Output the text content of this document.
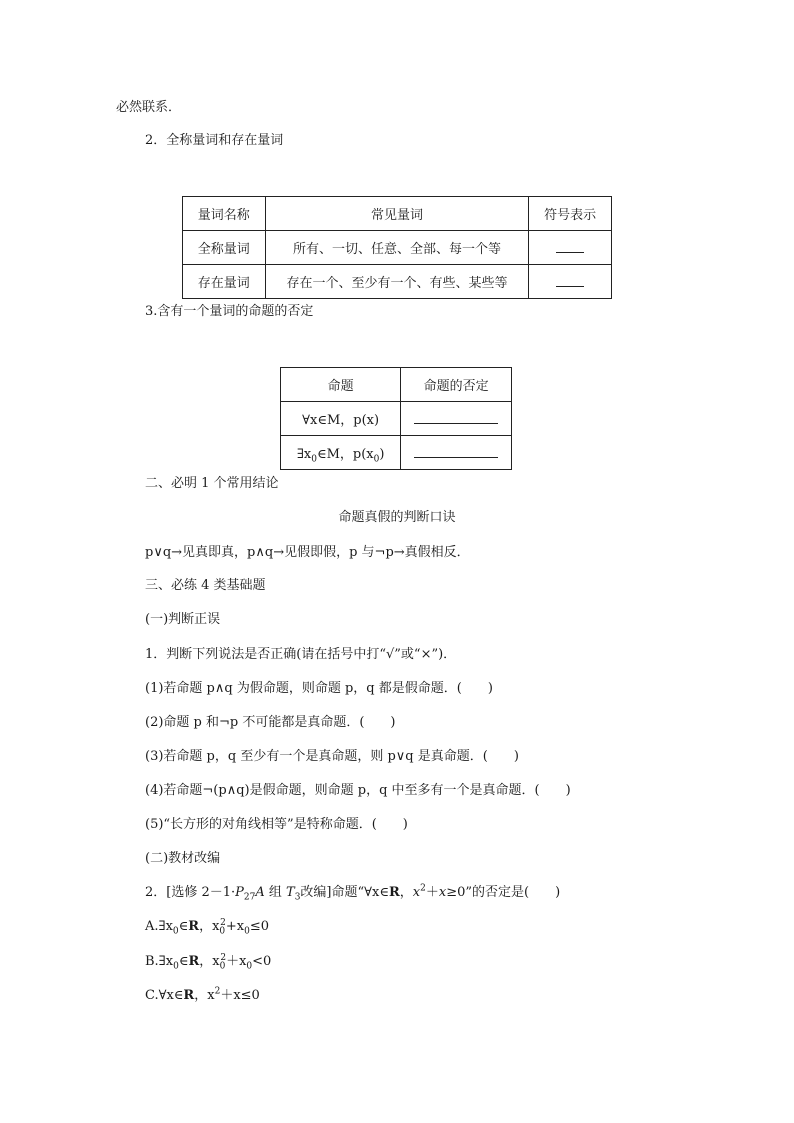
必然联系．
2．全称量词和存在量词
量词名称	常见量词	符号表示
全称量词	所有、一切、任意、全部、每一个等	
存在量词	存在一个、至少有一个、有些、某些等	
3.含有一个量词的命题的否定
命题	命题的否定
∀x∈M，p(x)	
$\exists x_0\in M$，$p(x_0)$	
二、必明 1 个常用结论
命题真假的判断口诀
p∨q→见真即真，p∧q→见假即假，p 与¬p→真假相反．
三、必练 4 类基础题
(一)判断正误
1．判断下列说法是否正确(请在括号中打“√”或“×”)．
(1)若命题 p∧q 为假命题，则命题 p，q 都是假命题．(　　)
(2)命题 p 和¬p 不可能都是真命题．(　　)
(3)若命题 p，q 至少有一个是真命题，则 p∨q 是真命题．(　　)
(4)若命题¬(p∧q)是假命题，则命题 p，q 中至多有一个是真命题．(　　)
(5)“长方形的对角线相等”是特称命题．(　　)
(二)教材改编
2．[选修 $2-1\cdot P_{27}A$ 组 $T_3$改编]命题“∀x∈R，$x^2+x\ge 0$”的否定是(　　)
$A.\exists x_0\in R$，$x_0^2+x_0\le 0$
$B.\exists x_0\in R$，$x_0^2+x_0<0$
C.∀x∈R，$x^2+x\le 0$
